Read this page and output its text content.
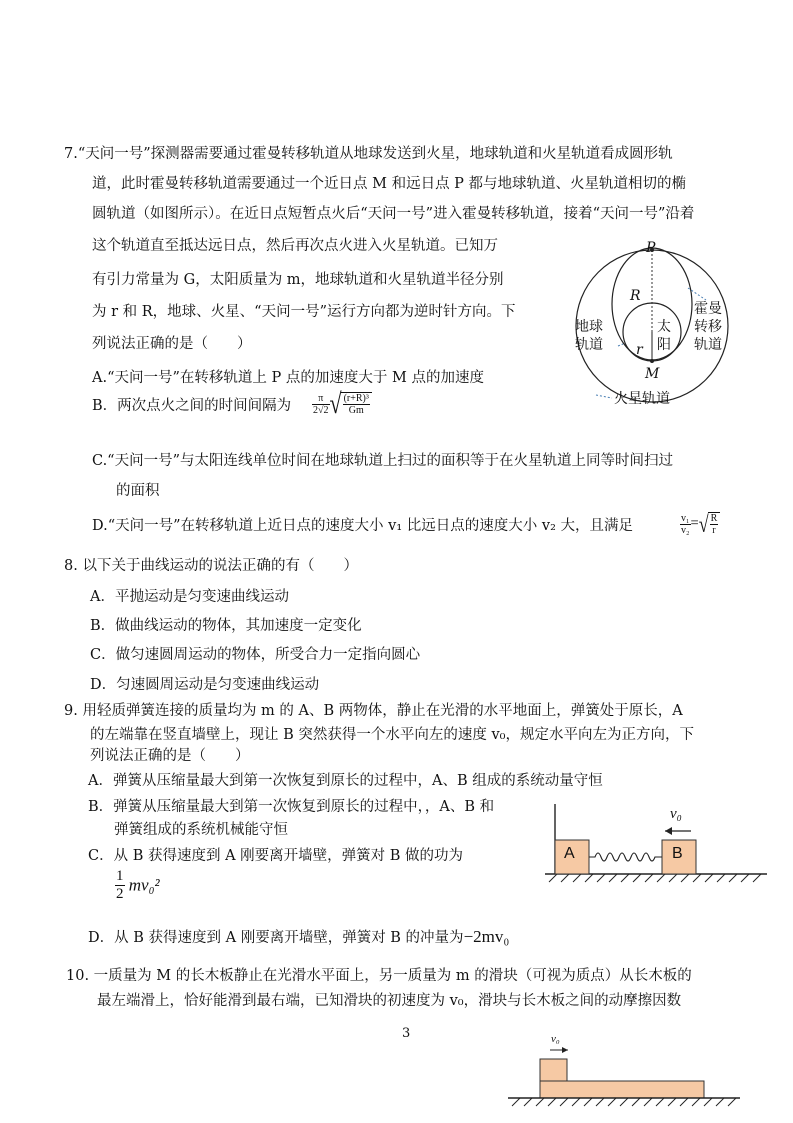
7.“天问一号”探测器需要通过霍曼转移轨道从地球发送到火星，地球轨道和火星轨道看成圆形轨
道，此时霍曼转移轨道需要通过一个近日点 M 和远日点 P 都与地球轨道、火星轨道相切的椭
圆轨道（如图所示）。在近日点短暂点火后“天问一号”进入霍曼转移轨道，接着“天问一号”沿着
这个轨道直至抵达远日点，然后再次点火进入火星轨道。已知万
有引力常量为 G，太阳质量为 m，地球轨道和火星轨道半径分别
为 r 和 R，地球、火星、“天问一号”运行方向都为逆时针方向。下
列说法正确的是（　　）
A.“天问一号”在转移轨道上 P 点的加速度大于 M 点的加速度
B．两次点火之间的时间间隔为 $\frac{\pi}{2√2}$ √ $\frac{\text{(r+R)³}}{Gm}$
C.“天问一号”与太阳连线单位时间在地球轨道上扫过的面积等于在火星轨道上同等时间扫过
的面积
D.“天问一号”在转移轨道上近日点的速度大小 v₁ 比远日点的速度大小 v₂ 大，且满足	$\frac{\text{v₁}}{\text{v₂}}$ =√ $\frac{R}{r}$
P
M
R
r
地球
轨道
太
阳
霍曼
转移
轨道
火星轨道
8. 以下关于曲线运动的说法正确的有（　　）
A．平抛运动是匀变速曲线运动
B．做曲线运动的物体，其加速度一定变化
C．做匀速圆周运动的物体，所受合力一定指向圆心
D．匀速圆周运动是匀变速曲线运动
9. 用轻质弹簧连接的质量均为 m 的 A、B 两物体，静止在光滑的水平地面上，弹簧处于原长，A
的左端靠在竖直墙壁上，现让 B 突然获得一个水平向左的速度 v₀，规定水平向左为正方向，下
列说法正确的是（　　）
A．弹簧从压缩量最大到第一次恢复到原长的过程中，A、B 组成的系统动量守恒
B．弹簧从压缩量最大到第一次恢复到原长的过程中，，A、B 和
弹簧组成的系统机械能守恒
C．从 B 获得速度到 A 刚要离开墙壁，弹簧对 B 做的功为
$\frac{1}{2} mv_0^2$
D．从 B 获得速度到 A 刚要离开墙壁，弹簧对 B 的冲量为−2mv₀
A	B
v₀
10. 一质量为 M 的长木板静止在光滑水平面上，另一质量为 m 的滑块（可视为质点）从长木板的
最左端滑上，恰好能滑到最右端，已知滑块的初速度为 v₀，滑块与长木板之间的动摩擦因数
3	v₀
